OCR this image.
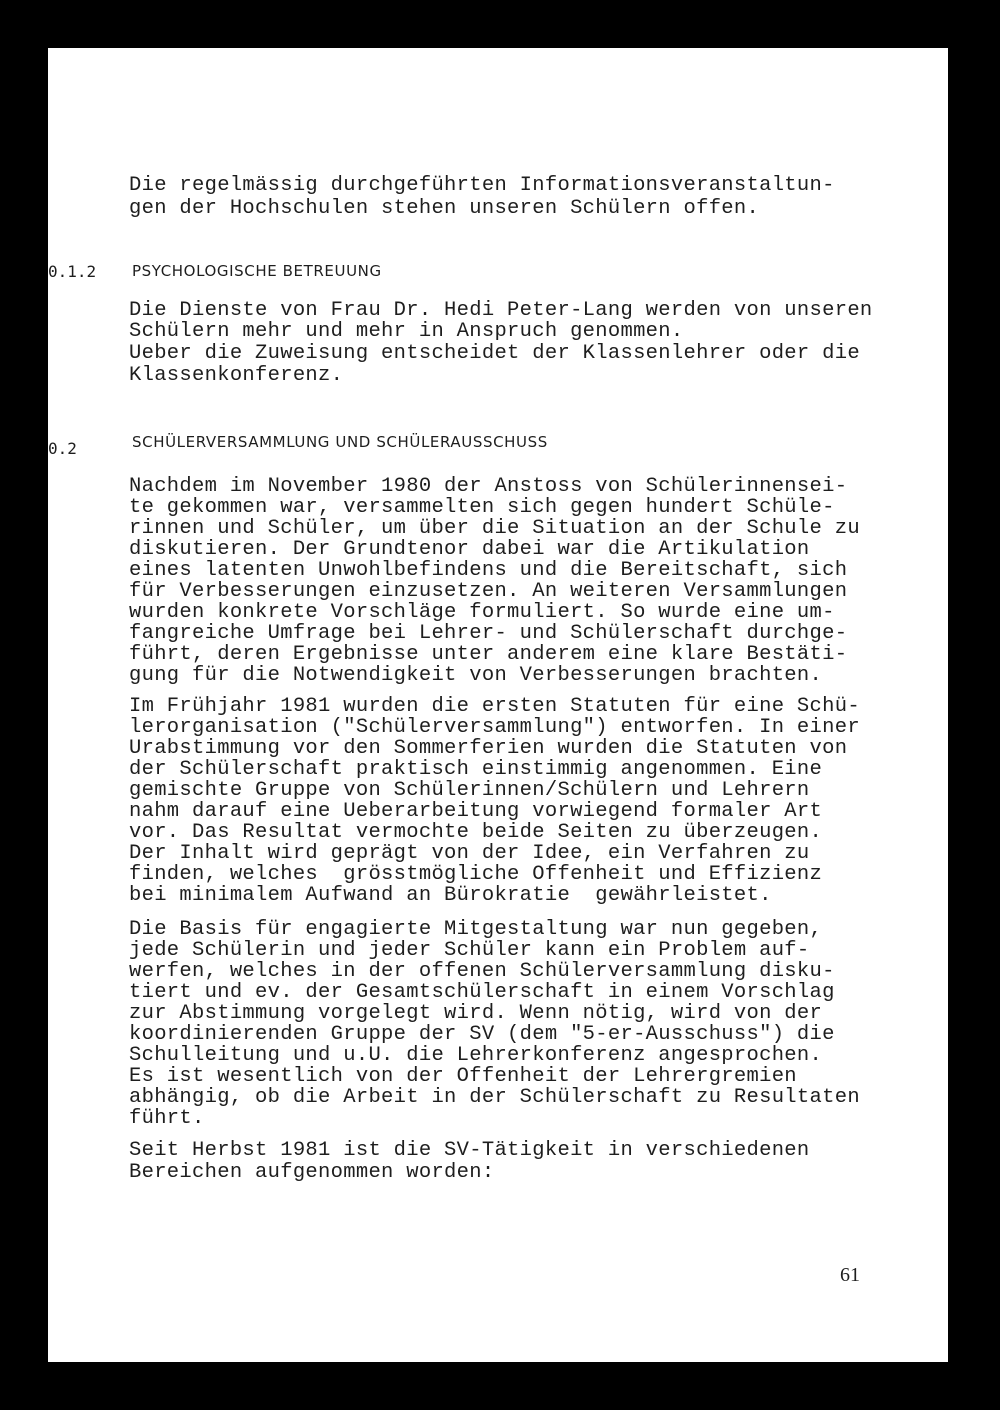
Die regelmässig durchgeführten Informationsveranstaltun-
gen der Hochschulen stehen unseren Schülern offen.
0.1.2 PSYCHOLOGISCHE BETREUUNG
Die Dienste von Frau Dr. Hedi Peter-Lang werden von unseren
Schülern mehr und mehr in Anspruch genommen.
Ueber die Zuweisung entscheidet der Klassenlehrer oder die
Klassenkonferenz.
0.2	SCHÜLERVERSAMMLUNG UND SCHÜLERAUSSCHUSS
Nachdem im November 1980 der Anstoss von Schülerinnensei-
te gekommen war, versammelten sich gegen hundert Schüle-
rinnen und Schüler, um über die Situation an der Schule zu
diskutieren. Der Grundtenor dabei war die Artikulation
eines latenten Unwohlbefindens und die Bereitschaft, sich
für Verbesserungen einzusetzen. An weiteren Versammlungen
wurden konkrete Vorschläge formuliert. So wurde eine um-
fangreiche Umfrage bei Lehrer- und Schülerschaft durchge-
führt, deren Ergebnisse unter anderem eine klare Bestäti-
gung für die Notwendigkeit von Verbesserungen brachten.
Im Frühjahr 1981 wurden die ersten Statuten für eine Schü-
lerorganisation ("Schülerversammlung") entworfen. In einer
Urabstimmung vor den Sommerferien wurden die Statuten von
der Schülerschaft praktisch einstimmig angenommen. Eine
gemischte Gruppe von Schülerinnen/Schülern und Lehrern
nahm darauf eine Ueberarbeitung vorwiegend formaler Art
vor. Das Resultat vermochte beide Seiten zu überzeugen.
Der Inhalt wird geprägt von der Idee, ein Verfahren zu
finden, welches  grösstmögliche Offenheit und Effizienz
bei minimalem Aufwand an Bürokratie  gewährleistet.
Die Basis für engagierte Mitgestaltung war nun gegeben,
jede Schülerin und jeder Schüler kann ein Problem auf-
werfen, welches in der offenen Schülerversammlung disku-
tiert und ev. der Gesamtschülerschaft in einem Vorschlag
zur Abstimmung vorgelegt wird. Wenn nötig, wird von der
koordinierenden Gruppe der SV (dem "5-er-Ausschuss") die
Schulleitung und u.U. die Lehrerkonferenz angesprochen.
Es ist wesentlich von der Offenheit der Lehrergremien
abhängig, ob die Arbeit in der Schülerschaft zu Resultaten
führt.
Seit Herbst 1981 ist die SV-Tätigkeit in verschiedenen
Bereichen aufgenommen worden:
61
